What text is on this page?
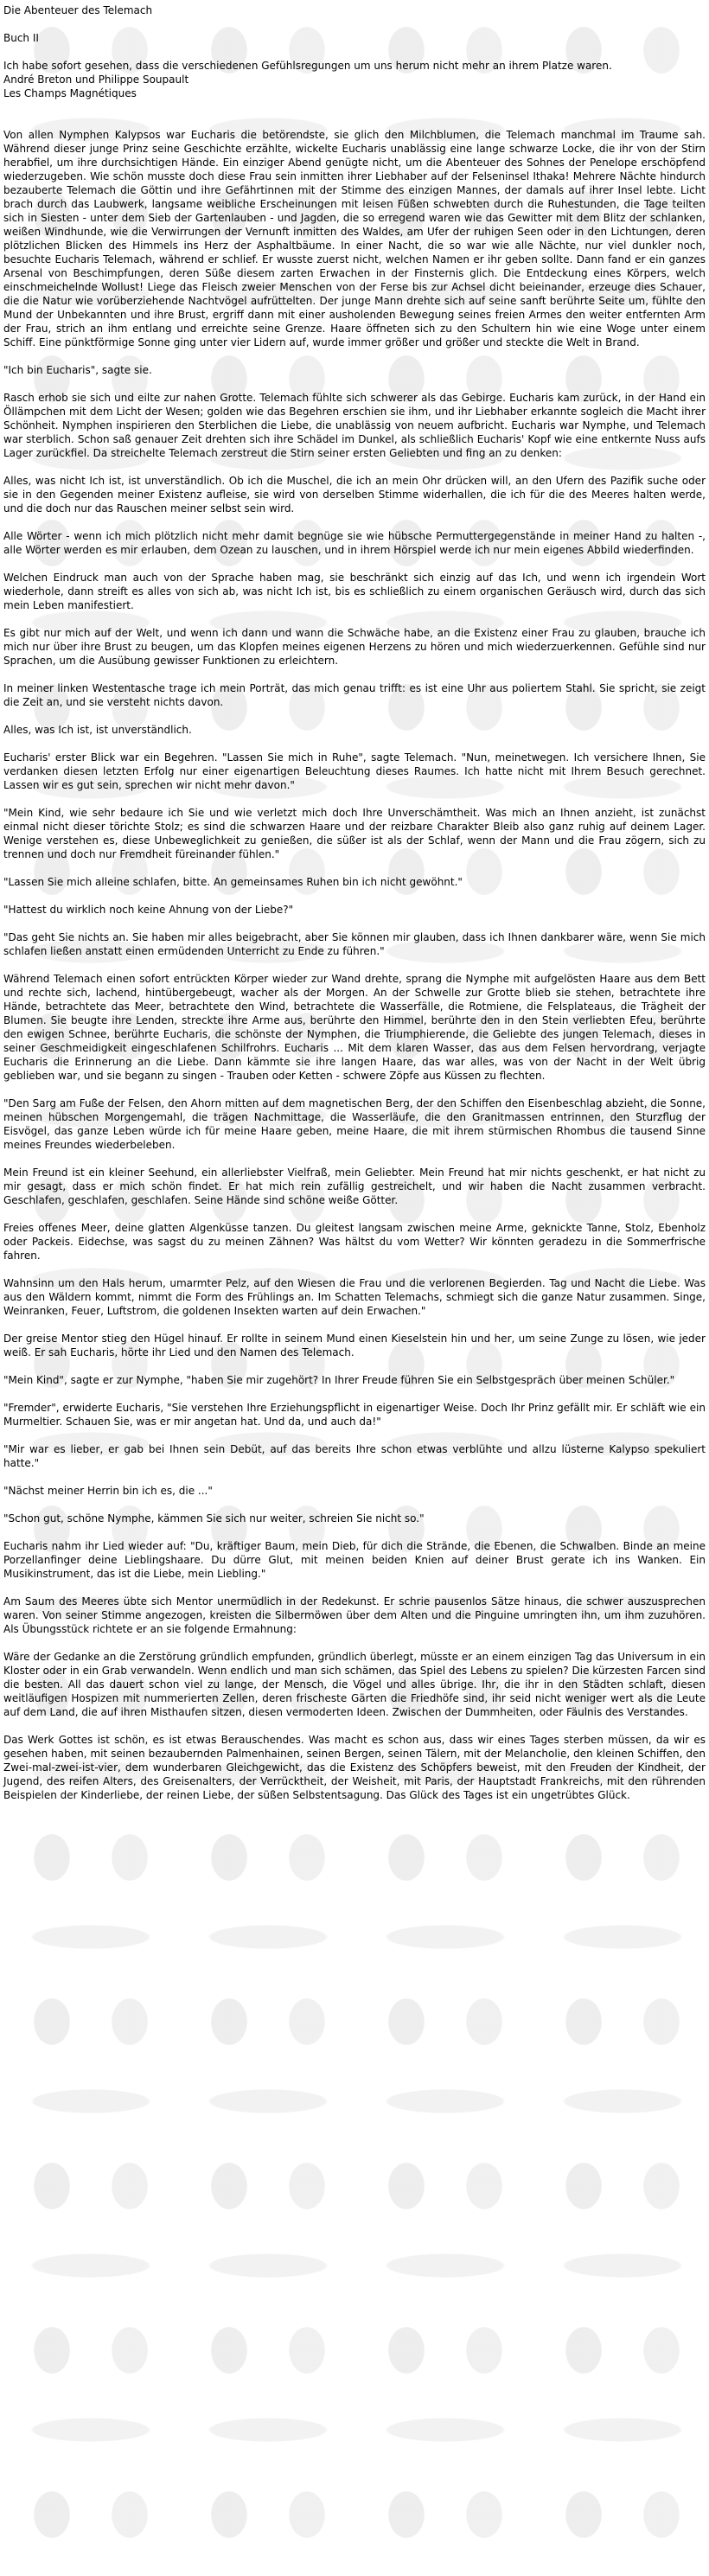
Die Abenteuer des Telemach
Buch II
Ich habe sofort gesehen, dass die verschiedenen Gefühlsregungen um uns herum nicht mehr an ihrem Platze waren.
André Breton und Philippe Soupault
Les Champs Magnétiques

Von allen Nymphen Kalypsos war Eucharis die betörendste, sie glich den Milchblumen, die Telemach manchmal im Traume sah. Während dieser junge Prinz seine Geschichte erzählte, wickelte Eucharis unablässig eine lange schwarze Locke, die ihr von der Stirn herabfiel, um ihre durchsichtigen Hände. Ein einziger Abend genügte nicht, um die Abenteuer des Sohnes der Penelope erschöpfend wiederzugeben. Wie schön musste doch diese Frau sein inmitten ihrer Liebhaber auf der Felseninsel Ithaka! Mehrere Nächte hindurch bezauberte Telemach die Göttin und ihre Gefährtinnen mit der Stimme des einzigen Mannes, der damals auf ihrer Insel lebte. Licht brach durch das Laubwerk, langsame weibliche Erscheinungen mit leisen Füßen schwebten durch die Ruhestunden, die Tage teilten sich in Siesten - unter dem Sieb der Gartenlauben - und Jagden, die so erregend waren wie das Gewitter mit dem Blitz der schlanken, weißen Windhunde, wie die Verwirrungen der Vernunft inmitten des Waldes, am Ufer der ruhigen Seen oder in den Lichtungen, deren plötzlichen Blicken des Himmels ins Herz der Asphaltbäume. In einer Nacht, die so war wie alle Nächte, nur viel dunkler noch, besuchte Eucharis Telemach, während er schlief. Er wusste zuerst nicht, welchen Namen er ihr geben sollte. Dann fand er ein ganzes Arsenal von Beschimpfungen, deren Süße diesem zarten Erwachen in der Finsternis glich. Die Entdeckung eines Körpers, welch einschmeichelnde Wollust! Liege das Fleisch zweier Menschen von der Ferse bis zur Achsel dicht beieinander, erzeuge dies Schauer, die die Natur wie vorüberziehende Nachtvögel aufrüttelten. Der junge Mann drehte sich auf seine sanft berührte Seite um, fühlte den Mund der Unbekannten und ihre Brust, ergriff dann mit einer ausholenden Bewegung seines freien Armes den weiter entfernten Arm der Frau, strich an ihm entlang und erreichte seine Grenze. Haare öffneten sich zu den Schultern hin wie eine Woge unter einem Schiff. Eine pünktförmige Sonne ging unter vier Lidern auf, wurde immer größer und größer und steckte die Welt in Brand.

"Ich bin Eucharis", sagte sie.

Rasch erhob sie sich und eilte zur nahen Grotte. Telemach fühlte sich schwerer als das Gebirge. Eucharis kam zurück, in der Hand ein Öllämpchen mit dem Licht der Wesen; golden wie das Begehren erschien sie ihm, und ihr Liebhaber erkannte sogleich die Macht ihrer Schönheit. Nymphen inspirieren den Sterblichen die Liebe, die unablässig von neuem aufbricht. Eucharis war Nymphe, und Telemach war sterblich. Schon saß genauer Zeit drehten sich ihre Schädel im Dunkel, als schließlich Eucharis' Kopf wie eine entkernte Nuss aufs Lager zurückfiel. Da streichelte Telemach zerstreut die Stirn seiner ersten Geliebten und fing an zu denken:

Alles, was nicht Ich ist, ist unverständlich. Ob ich die Muschel, die ich an mein Ohr drücken will, an den Ufern des Pazifik suche oder sie in den Gegenden meiner Existenz aufleise, sie wird von derselben Stimme widerhallen, die ich für die des Meeres halten werde, und die doch nur das Rauschen meiner selbst sein wird.

Alle Wörter - wenn ich mich plötzlich nicht mehr damit begnüge sie wie hübsche Permuttergegenstände in meiner Hand zu halten -, alle Wörter werden es mir erlauben, dem Ozean zu lauschen, und in ihrem Hörspiel werde ich nur mein eigenes Abbild wiederfinden.

Welchen Eindruck man auch von der Sprache haben mag, sie beschränkt sich einzig auf das Ich, und wenn ich irgendein Wort wiederhole, dann streift es alles von sich ab, was nicht Ich ist, bis es schließlich zu einem organischen Geräusch wird, durch das sich mein Leben manifestiert.

Es gibt nur mich auf der Welt, und wenn ich dann und wann die Schwäche habe, an die Existenz einer Frau zu glauben, brauche ich mich nur über ihre Brust zu beugen, um das Klopfen meines eigenen Herzens zu hören und mich wiederzuerkennen. Gefühle sind nur Sprachen, um die Ausübung gewisser Funktionen zu erleichtern.

In meiner linken Westentasche trage ich mein Porträt, das mich genau trifft: es ist eine Uhr aus poliertem Stahl. Sie spricht, sie zeigt die Zeit an, und sie versteht nichts davon.

Alles, was Ich ist, ist unverständlich.

Eucharis' erster Blick war ein Begehren. "Lassen Sie mich in Ruhe", sagte Telemach. "Nun, meinetwegen. Ich versichere Ihnen, Sie verdanken diesen letzten Erfolg nur einer eigenartigen Beleuchtung dieses Raumes. Ich hatte nicht mit Ihrem Besuch gerechnet. Lassen wir es gut sein, sprechen wir nicht mehr davon."

"Mein Kind, wie sehr bedaure ich Sie und wie verletzt mich doch Ihre Unverschämtheit. Was mich an Ihnen anzieht, ist zunächst einmal nicht dieser törichte Stolz; es sind die schwarzen Haare und der reizbare Charakter Bleib also ganz ruhig auf deinem Lager. Wenige verstehen es, diese Unbeweglichkeit zu genießen, die süßer ist als der Schlaf, wenn der Mann und die Frau zögern, sich zu trennen und doch nur Fremdheit füreinander fühlen."

"Lassen Sie mich alleine schlafen, bitte. An gemeinsames Ruhen bin ich nicht gewöhnt."

"Hattest du wirklich noch keine Ahnung von der Liebe?"

"Das geht Sie nichts an. Sie haben mir alles beigebracht, aber Sie können mir glauben, dass ich Ihnen dankbarer wäre, wenn Sie mich schlafen ließen anstatt einen ermüdenden Unterricht zu Ende zu führen."

Während Telemach einen sofort entrückten Körper wieder zur Wand drehte, sprang die Nymphe mit aufgelösten Haare aus dem Bett und rechte sich, lachend, hintübergebeugt, wacher als der Morgen. An der Schwelle zur Grotte blieb sie stehen, betrachtete ihre Hände, betrachtete das Meer, betrachtete den Wind, betrachtete die Wasserfälle, die Rotmiene, die Felsplateaus, die Trägheit der Blumen. Sie beugte ihre Lenden, streckte ihre Arme aus, berührte den Himmel, berührte den in den Stein verliebten Efeu, berührte den ewigen Schnee, berührte Eucharis, die schönste der Nymphen, die Triumphierende, die Geliebte des jungen Telemach, dieses in seiner Geschmeidigkeit eingeschlafenen Schilfrohrs. Eucharis ... Mit dem klaren Wasser, das aus dem Felsen hervordrang, verjagte Eucharis die Erinnerung an die Liebe. Dann kämmte sie ihre langen Haare, das war alles, was von der Nacht in der Welt übrig geblieben war, und sie begann zu singen - Trauben oder Ketten - schwere Zöpfe aus Küssen zu flechten.

"Den Sarg am Fuße der Felsen, den Ahorn mitten auf dem magnetischen Berg, der den Schiffen den Eisenbeschlag abzieht, die Sonne, meinen hübschen Morgengemahl, die trägen Nachmittage, die Wasserläufe, die den Granitmassen entrinnen, den Sturzflug der Eisvögel, das ganze Leben würde ich für meine Haare geben, meine Haare, die mit ihrem stürmischen Rhombus die tausend Sinne meines Freundes wiederbeleben.

Mein Freund ist ein kleiner Seehund, ein allerliebster Vielfraß, mein Geliebter. Mein Freund hat mir nichts geschenkt, er hat nicht zu mir gesagt, dass er mich schön findet. Er hat mich rein zufällig gestreichelt, und wir haben die Nacht zusammen verbracht. Geschlafen, geschlafen, geschlafen. Seine Hände sind schöne weiße Götter.

Freies offenes Meer, deine glatten Algenküsse tanzen. Du gleitest langsam zwischen meine Arme, geknickte Tanne, Stolz, Ebenholz oder Packeis. Eidechse, was sagst du zu meinen Zähnen? Was hältst du vom Wetter? Wir könnten geradezu in die Sommerfrische fahren.

Wahnsinn um den Hals herum, umarmter Pelz, auf den Wiesen die Frau und die verlorenen Begierden. Tag und Nacht die Liebe. Was aus den Wäldern kommt, nimmt die Form des Frühlings an. Im Schatten Telemachs, schmiegt sich die ganze Natur zusammen. Singe, Weinranken, Feuer, Luftstrom, die goldenen Insekten warten auf dein Erwachen."

Der greise Mentor stieg den Hügel hinauf. Er rollte in seinem Mund einen Kieselstein hin und her, um seine Zunge zu lösen, wie jeder weiß. Er sah Eucharis, hörte ihr Lied und den Namen des Telemach.

"Mein Kind", sagte er zur Nymphe, "haben Sie mir zugehört? In Ihrer Freude führen Sie ein Selbstgespräch über meinen Schüler."

"Fremder", erwiderte Eucharis, "Sie verstehen Ihre Erziehungspflicht in eigenartiger Weise. Doch Ihr Prinz gefällt mir. Er schläft wie ein Murmeltier. Schauen Sie, was er mir angetan hat. Und da, und auch da!"

"Mir war es lieber, er gab bei Ihnen sein Debüt, auf das bereits Ihre schon etwas verblühte und allzu lüsterne Kalypso spekuliert hatte."

"Nächst meiner Herrin bin ich es, die ..."

"Schon gut, schöne Nymphe, kämmen Sie sich nur weiter, schreien Sie nicht so."

Eucharis nahm ihr Lied wieder auf: "Du, kräftiger Baum, mein Dieb, für dich die Strände, die Ebenen, die Schwalben. Binde an meine Porzellanfinger deine Lieblingshaare. Du dürre Glut, mit meinen beiden Knien auf deiner Brust gerate ich ins Wanken. Ein Musikinstrument, das ist die Liebe, mein Liebling."

Am Saum des Meeres übte sich Mentor unermüdlich in der Redekunst. Er schrie pausenlos Sätze hinaus, die schwer auszusprechen waren. Von seiner Stimme angezogen, kreisten die Silbermöwen über dem Alten und die Pinguine umringten ihn, um ihm zuzuhören. Als Übungsstück richtete er an sie folgende Ermahnung:

Wäre der Gedanke an die Zerstörung gründlich empfunden, gründlich überlegt, müsste er an einem einzigen Tag das Universum in ein Kloster oder in ein Grab verwandeln. Wenn endlich und man sich schämen, das Spiel des Lebens zu spielen? Die kürzesten Farcen sind die besten. All das dauert schon viel zu lange, der Mensch, die Vögel und alles übrige. Ihr, die ihr in den Städten schlaft, diesen weitläufigen Hospizen mit nummerierten Zellen, deren frischeste Gärten die Friedhöfe sind, ihr seid nicht weniger wert als die Leute auf dem Land, die auf ihren Misthaufen sitzen, diesen vermoderten Ideen. Zwischen der Dummheiten, oder Fäulnis des Verstandes.

Das Werk Gottes ist schön, es ist etwas Berauschendes. Was macht es schon aus, dass wir eines Tages sterben müssen, da wir es gesehen haben, mit seinen bezaubernden Palmenhainen, seinen Bergen, seinen Tälern, mit der Melancholie, den kleinen Schiffen, den Zwei-mal-zwei-ist-vier, dem wunderbaren Gleichgewicht, das die Existenz des Schöpfers beweist, mit den Freuden der Kindheit, der Jugend, des reifen Alters, des Greisenalters, der Verrücktheit, der Weisheit, mit Paris, der Hauptstadt Frankreichs, mit den rührenden Beispielen der Kinderliebe, der reinen Liebe, der süßen Selbstentsagung. Das Glück des Tages ist ein ungetrübtes Glück.
